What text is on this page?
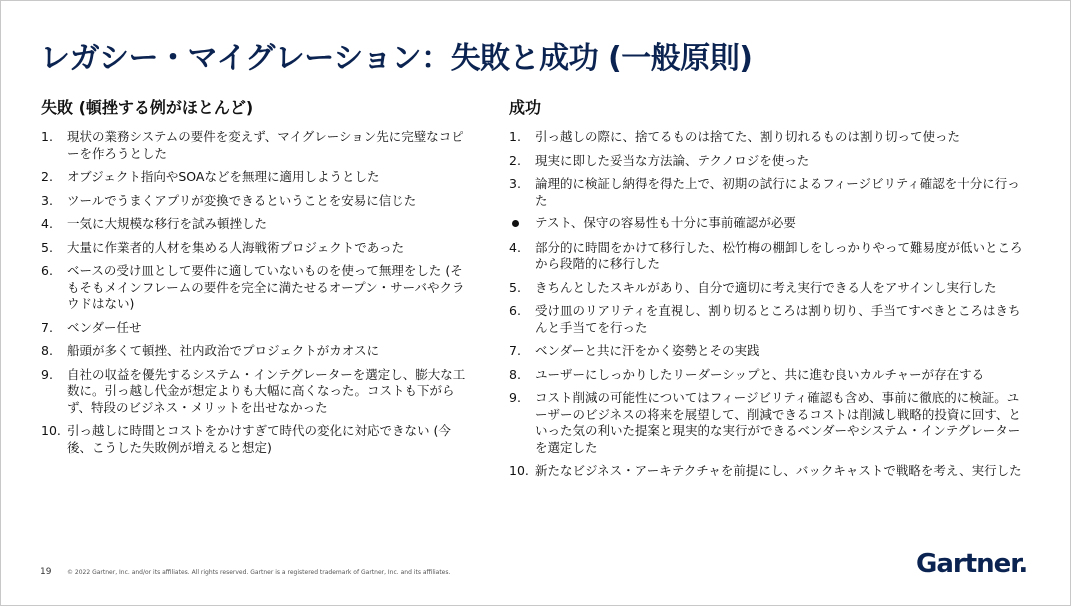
レガシー・マイグレーション：失敗と成功 (一般原則)
失敗 (頓挫する例がほとんど)
1. 現状の業務システムの要件を変えず、マイグレーション先に完璧なコピーを作ろうとした
2. オブジェクト指向やSOAなどを無理に適用しようとした
3. ツールでうまくアプリが変換できるということを安易に信じた
4. 一気に大規模な移行を試み頓挫した
5. 大量に作業者的人材を集める人海戦術プロジェクトであった
6. ベースの受け皿として要件に適していないものを使って無理をした (そもそもメインフレームの要件を完全に満たせるオープン・サーバやクラウドはない)
7. ベンダー任せ
8. 船頭が多くて頓挫、社内政治でプロジェクトがカオスに
9. 自社の収益を優先するシステム・インテグレーターを選定し、膨大な工数に。引っ越し代金が想定よりも大幅に高くなった。コストも下がらず、特段のビジネス・メリットを出せなかった
10. 引っ越しに時間とコストをかけすぎて時代の変化に対応できない (今後、こうした失敗例が増えると想定)
成功
1. 引っ越しの際に、捨てるものは捨てた、割り切れるものは割り切って使った
2. 現実に即した妥当な方法論、テクノロジを使った
3. 論理的に検証し納得を得た上で、初期の試行によるフィージビリティ確認を十分に行った
テスト、保守の容易性も十分に事前確認が必要
4. 部分的に時間をかけて移行した、松竹梅の棚卸しをしっかりやって難易度が低いところから段階的に移行した
5. きちんとしたスキルがあり、自分で適切に考え実行できる人をアサインし実行した
6. 受け皿のリアリティを直視し、割り切るところは割り切り、手当てすべきところはきちんと手当てを行った
7. ベンダーと共に汗をかく姿勢とその実践
8. ユーザーにしっかりしたリーダーシップと、共に進む良いカルチャーが存在する
9. コスト削減の可能性についてはフィージビリティ確認も含め、事前に徹底的に検証。ユーザーのビジネスの将来を展望して、削減できるコストは削減し戦略的投資に回す、といった気の利いた提案と現実的な実行ができるベンダーやシステム・インテグレーターを選定した
10. 新たなビジネス・アーキテクチャを前提にし、バックキャストで戦略を考え、実行した
19	© 2022 Gartner, Inc. and/or its affiliates. All rights reserved. Gartner is a registered trademark of Gartner, Inc. and its affiliates.	Gartner.
